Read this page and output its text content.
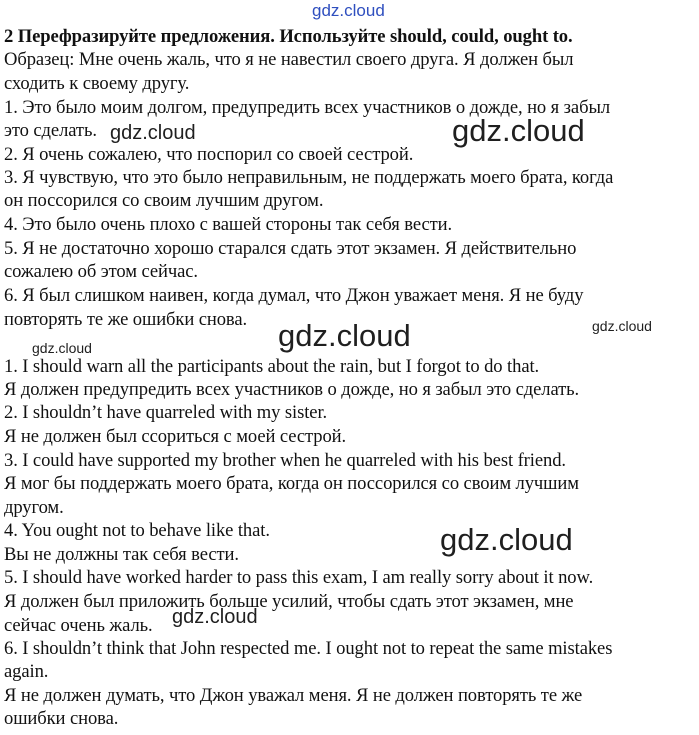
gdz.cloud
2 Перефразируйте предложения. Используйте should, could, ought to.
Образец: Мне очень жаль, что я не навестил своего друга. Я должен был
сходить к своему другу.
1. Это было моим долгом, предупредить всех участников о дожде, но я забыл
это сделать.
2. Я очень сожалею, что поспорил со своей сестрой.
3. Я чувствую, что это было неправильным, не поддержать моего брата, когда
он поссорился со своим лучшим другом.
4. Это было очень плохо с вашей стороны так себя вести.
5. Я не достаточно хорошо старался сдать этот экзамен. Я действительно
сожалею об этом сейчас.
6. Я был слишком наивен, когда думал, что Джон уважает меня. Я не буду
повторять те же ошибки снова.
1. I should warn all the participants about the rain, but I forgot to do that.
Я должен предупредить всех участников о дожде, но я забыл это сделать.
2. I shouldn’t have quarreled with my sister.
Я не должен был ссориться с моей сестрой.
3. I could have supported my brother when he quarreled with his best friend.
Я мог бы поддержать моего брата, когда он поссорился со своим лучшим
другом.
4. You ought not to behave like that.
Вы не должны так себя вести.
5. I should have worked harder to pass this exam, I am really sorry about it now.
Я должен был приложить больше усилий, чтобы сдать этот экзамен, мне
сейчас очень жаль.
6. I shouldn’t think that John respected me. I ought not to repeat the same mistakes
again.
Я не должен думать, что Джон уважал меня. Я не должен повторять те же
ошибки снова.
gdz.cloud	gdz.cloud
gdz.cloud	gdz.cloud
gdz.cloud
gdz.cloud
gdz.cloud
